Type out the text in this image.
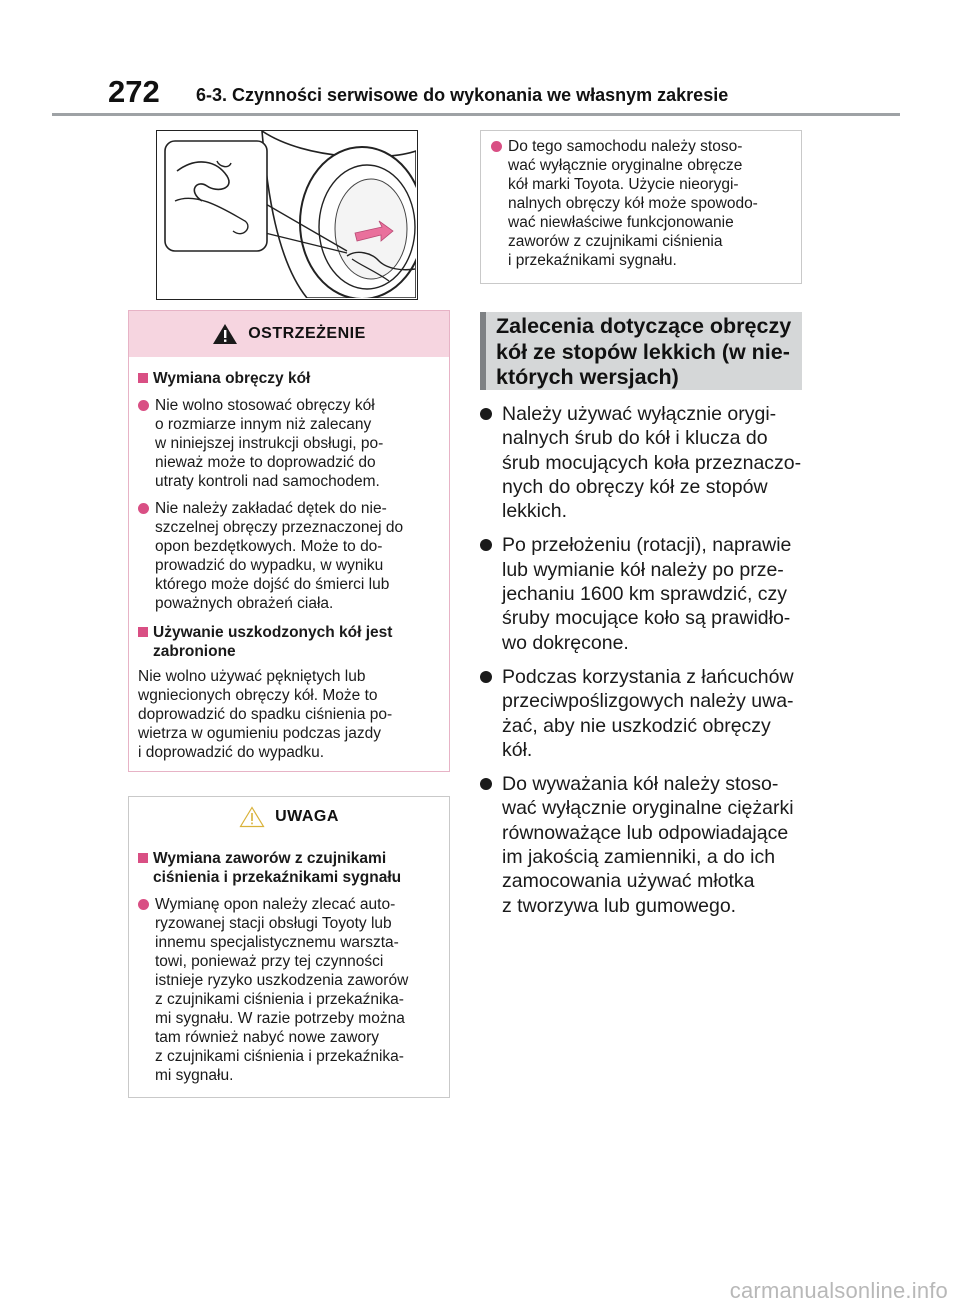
272 6-3. Czynności serwisowe do wykonania we własnym zakresie
OSTRZEŻENIE
Wymiana obręczy kół
Nie wolno stosować obręczy kół
o rozmiarze innym niż zalecany
w niniejszej instrukcji obsługi, po-
nieważ może to doprowadzić do
utraty kontroli nad samochodem.
Nie należy zakładać dętek do nie-
szczelnej obręczy przeznaczonej do
opon bezdętkowych. Może to do-
prowadzić do wypadku, w wyniku
którego może dojść do śmierci lub
poważnych obrażeń ciała.
Używanie uszkodzonych kół jest
zabronione
Nie wolno używać pękniętych lub
wgniecionych obręczy kół. Może to
doprowadzić do spadku ciśnienia po-
wietrza w ogumieniu podczas jazdy
i doprowadzić do wypadku.
UWAGA
Wymiana zaworów z czujnikami
ciśnienia i przekaźnikami sygnału
Wymianę opon należy zlecać auto-
ryzowanej stacji obsługi Toyoty lub
innemu specjalistycznemu warszta-
towi, ponieważ przy tej czynności
istnieje ryzyko uszkodzenia zaworów
z czujnikami ciśnienia i przekaźnika-
mi sygnału. W razie potrzeby można
tam również nabyć nowe zawory
z czujnikami ciśnienia i przekaźnika-
mi sygnału.
Do tego samochodu należy stoso-
wać wyłącznie oryginalne obręcze
kół marki Toyota. Użycie nieorygi-
nalnych obręczy kół może spowodo-
wać niewłaściwe funkcjonowanie
zaworów z czujnikami ciśnienia
i przekaźnikami sygnału.
Zalecenia dotyczące obręczy
kół ze stopów lekkich (w nie-
których wersjach)
Należy używać wyłącznie orygi-
nalnych śrub do kół i klucza do
śrub mocujących koła przeznaczo-
nych do obręczy kół ze stopów
lekkich.
Po przełożeniu (rotacji), naprawie
lub wymianie kół należy po prze-
jechaniu 1600 km sprawdzić, czy
śruby mocujące koło są prawidło-
wo dokręcone.
Podczas korzystania z łańcuchów
przeciwpoślizgowych należy uwa-
żać, aby nie uszkodzić obręczy
kół.
Do wyważania kół należy stoso-
wać wyłącznie oryginalne ciężarki
równoważące lub odpowiadające
im jakością zamienniki, a do ich
zamocowania używać młotka
z tworzywa lub gumowego.
carmanualsonline.info
